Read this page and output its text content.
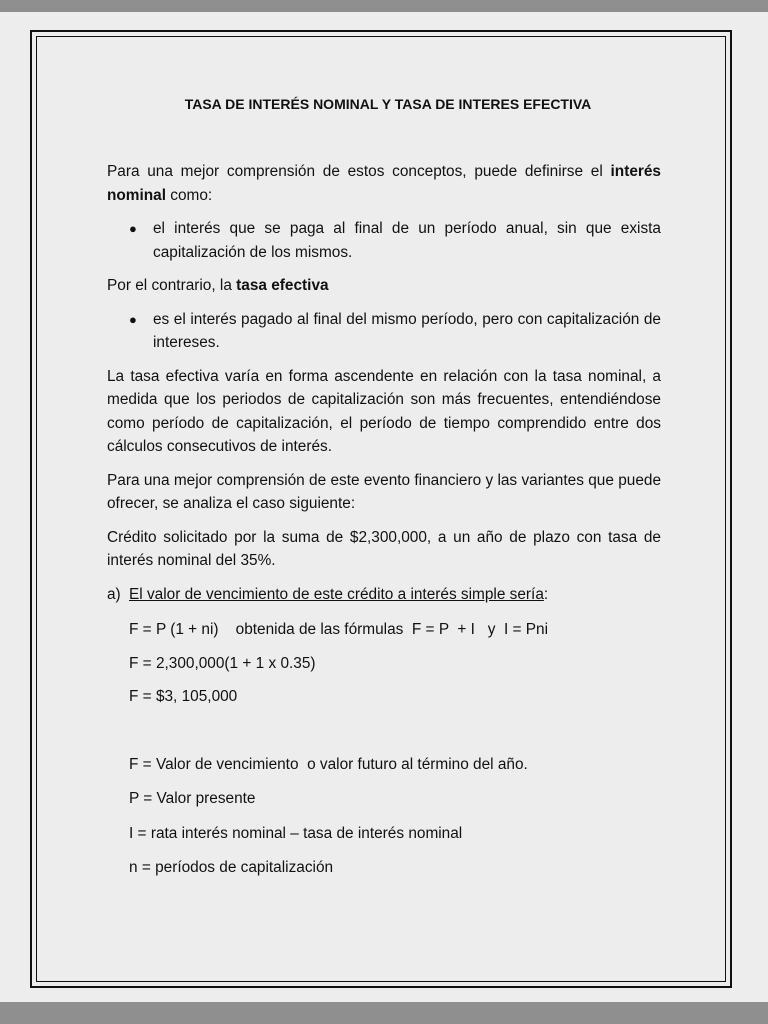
TASA DE INTERÉS NOMINAL Y TASA DE INTERES EFECTIVA

Para una mejor comprensión de estos conceptos, puede definirse el interés nominal como:

● el interés que se paga al final de un período anual, sin que exista capitalización de los mismos.

Por el contrario, la tasa efectiva

● es el interés pagado al final del mismo período, pero con capitalización de intereses.

La tasa efectiva varía en forma ascendente en relación con la tasa nominal, a medida que los periodos de capitalización son más frecuentes, entendiéndose como período de capitalización, el período de tiempo comprendido entre dos cálculos consecutivos de interés.

Para una mejor comprensión de este evento financiero y las variantes que puede ofrecer, se analiza el caso siguiente:

Crédito solicitado por la suma de $2,300,000, a un año de plazo con tasa de interés nominal del 35%.

a) El valor de vencimiento de este crédito a interés simple sería:
F = P (1 + ni)    obtenida de las fórmulas  F = P  + I   y  I = Pni
F = 2,300,000(1 + 1 x 0.35)
F = $3, 105,000
F = Valor de vencimiento  o valor futuro al término del año.
P = Valor presente
I = rata interés nominal – tasa de interés nominal
n = períodos de capitalización
